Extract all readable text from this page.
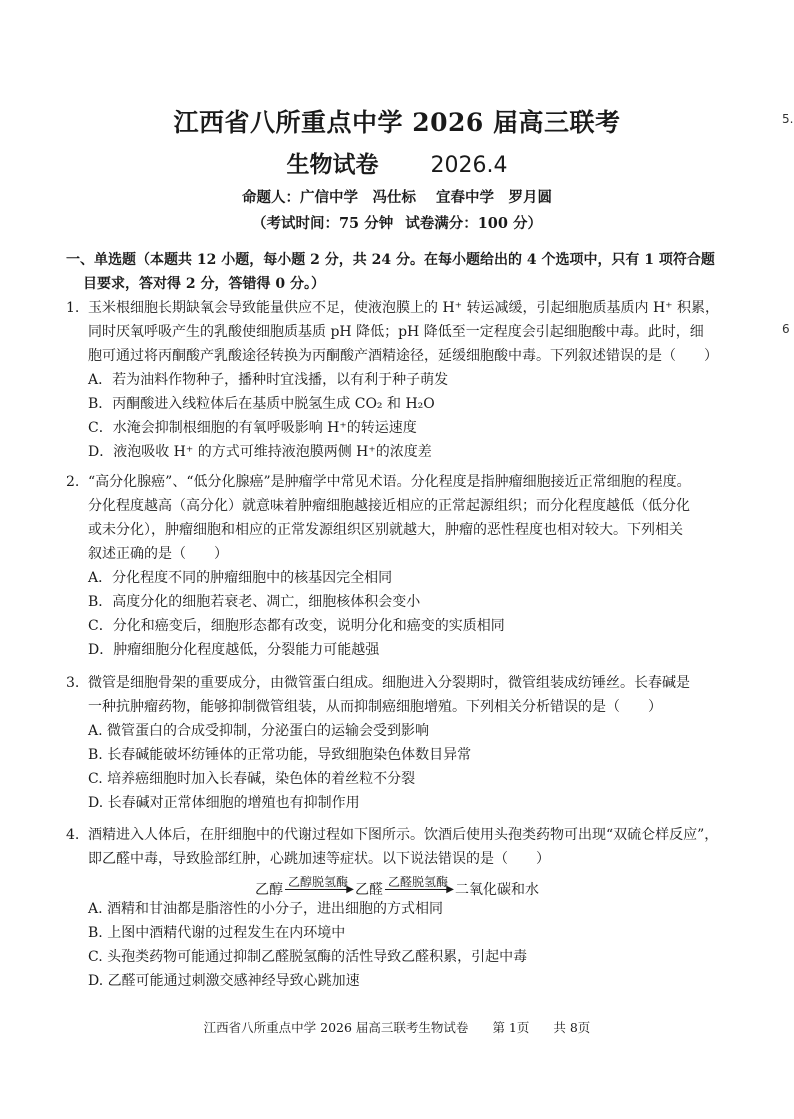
江西省八所重点中学 2026 届高三联考
生物试卷 2026.4
命题人：广信中学　冯仕标 宜春中学　罗月圆
（考试时间：75 分钟 试卷满分：100 分）
5.
6
一、单选题（本题共 12 小题，每小题 2 分，共 24 分。在每小题给出的 4 个选项中，只有 1 项符合题
目要求，答对得 2 分，答错得 0 分。）
1. 玉米根细胞长期缺氧会导致能量供应不足，使液泡膜上的 H⁺ 转运减缓，引起细胞质基质内 H⁺ 积累，
同时厌氧呼吸产生的乳酸使细胞质基质 pH 降低；pH 降低至一定程度会引起细胞酸中毒。此时，细
胞可通过将丙酮酸产乳酸途径转换为丙酮酸产酒精途径，延缓细胞酸中毒。下列叙述错误的是（　　）
A．若为油料作物种子，播种时宜浅播，以有利于种子萌发
B．丙酮酸进入线粒体后在基质中脱氢生成 CO₂ 和 H₂O
C．水淹会抑制根细胞的有氧呼吸影响 H⁺的转运速度
D．液泡吸收 H⁺ 的方式可维持液泡膜两侧 H⁺的浓度差
2. “高分化腺癌”、“低分化腺癌”是肿瘤学中常见术语。分化程度是指肿瘤细胞接近正常细胞的程度。
分化程度越高（高分化）就意味着肿瘤细胞越接近相应的正常起源组织；而分化程度越低（低分化
或未分化），肿瘤细胞和相应的正常发源组织区别就越大，肿瘤的恶性程度也相对较大。下列相关
叙述正确的是（　　）
A．分化程度不同的肿瘤细胞中的核基因完全相同
B．高度分化的细胞若衰老、凋亡，细胞核体积会变小
C．分化和癌变后，细胞形态都有改变，说明分化和癌变的实质相同
D．肿瘤细胞分化程度越低，分裂能力可能越强
3. 微管是细胞骨架的重要成分，由微管蛋白组成。细胞进入分裂期时，微管组装成纺锤丝。长春碱是
一种抗肿瘤药物，能够抑制微管组装，从而抑制癌细胞增殖。下列相关分析错误的是（　　）
A. 微管蛋白的合成受抑制，分泌蛋白的运输会受到影响
B. 长春碱能破坏纺锤体的正常功能，导致细胞染色体数目异常
C. 培养癌细胞时加入长春碱，染色体的着丝粒不分裂
D. 长春碱对正常体细胞的增殖也有抑制作用
4. 酒精进入人体后，在肝细胞中的代谢过程如下图所示。饮酒后使用头孢类药物可出现“双硫仑样反应”，
即乙醛中毒，导致脸部红肿，心跳加速等症状。以下说法错误的是（　　）
乙醇 乙醇脱氢酶
▶ 乙醛 乙醛脱氢酶
▶ 二氧化碳和水
A. 酒精和甘油都是脂溶性的小分子，进出细胞的方式相同
B. 上图中酒精代谢的过程发生在内环境中
C. 头孢类药物可能通过抑制乙醛脱氢酶的活性导致乙醛积累，引起中毒
D. 乙醛可能通过刺激交感神经导致心跳加速
江西省八所重点中学 2026 届高三联考生物试卷 第 1页 共 8页
